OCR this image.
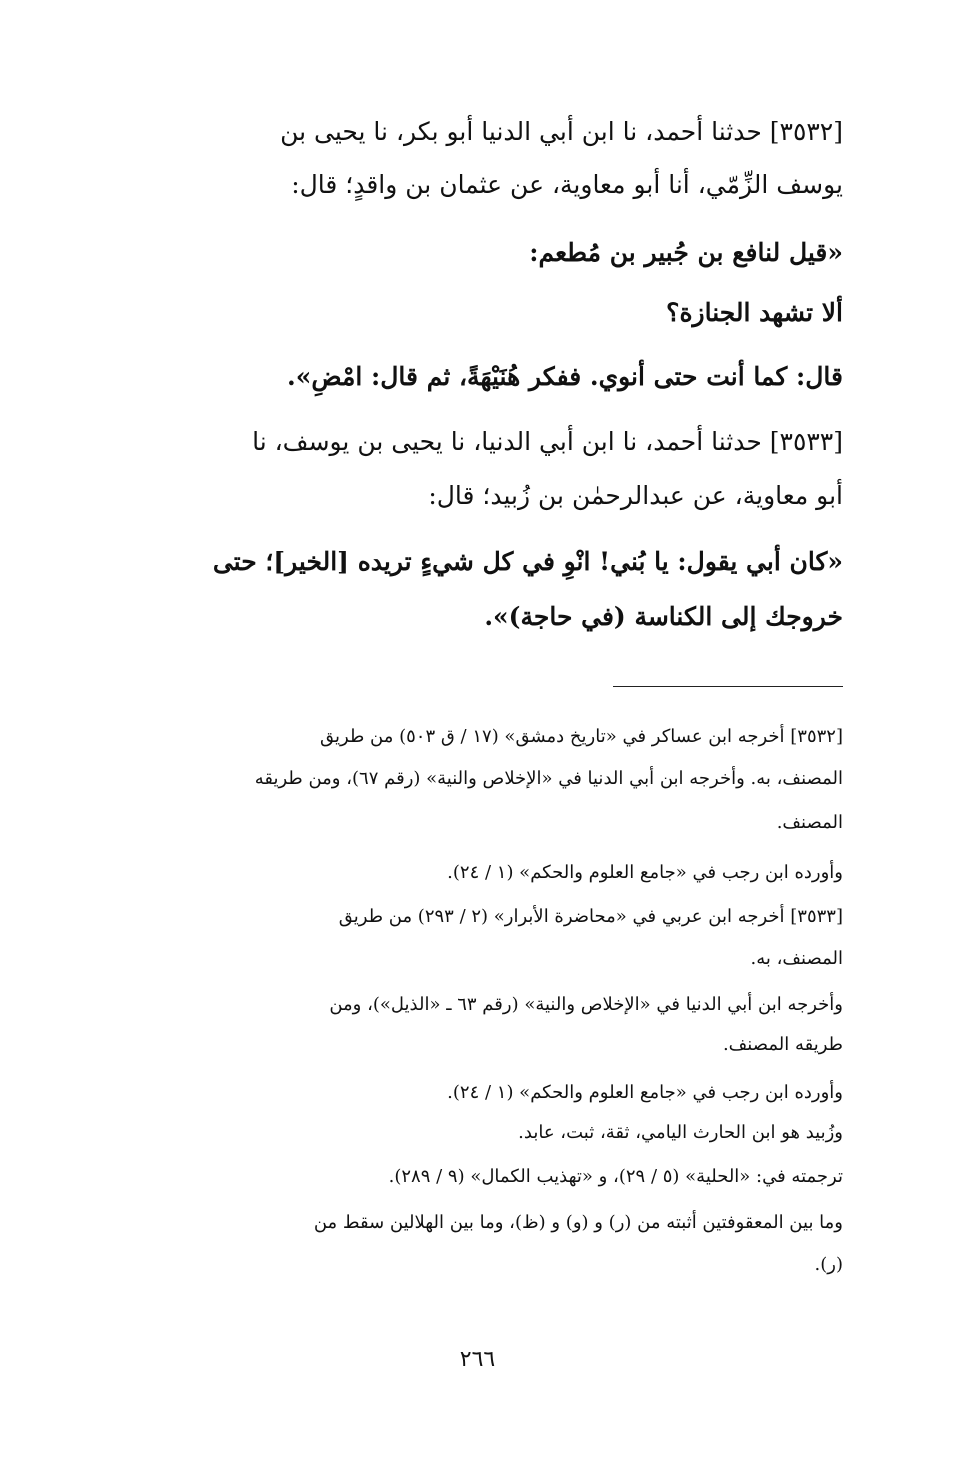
[٣٥٣٢] حدثنا أحمد، نا ابن أبي الدنيا أبو بكر، نا يحيى بن
يوسف الزِّمّي، أنا أبو معاوية، عن عثمان بن واقدٍ؛ قال:
«قيل لنافع بن جُبير بن مُطعم:
ألا تشهد الجنازة؟
قال: كما أنت حتى أنوي. ففكر هُنَيْهَةً، ثم قال: امْضِ».
[٣٥٣٣] حدثنا أحمد، نا ابن أبي الدنيا، نا يحيى بن يوسف، نا
أبو معاوية، عن عبدالرحمٰن بن زُبيد؛ قال:
«كان أبي يقول: يا بُني! انْوِ في كل شيءٍ تريده [الخير]؛ حتى
خروجك إلى الكناسة (في حاجة)».
[٣٥٣٢] أخرجه ابن عساكر في «تاريخ دمشق» (١٧ / ق ٥٠٣) من طريق
المصنف، به. وأخرجه ابن أبي الدنيا في «الإخلاص والنية» (رقم ٦٧)، ومن طريقه
المصنف.
وأورده ابن رجب في «جامع العلوم والحكم» (١ / ٢٤).
[٣٥٣٣] أخرجه ابن عربي في «محاضرة الأبرار» (٢ / ٢٩٣) من طريق
المصنف، به.
وأخرجه ابن أبي الدنيا في «الإخلاص والنية» (رقم ٦٣ ـ «الذيل»)، ومن
طريقه المصنف.
وأورده ابن رجب في «جامع العلوم والحكم» (١ / ٢٤).
وزُبيد هو ابن الحارث اليامي، ثقة، ثبت، عابد.
ترجمته في: «الحلية» (٥ / ٢٩)، و «تهذيب الكمال» (٩ / ٢٨٩).
وما بين المعقوفتين أثبته من (ر) و (و) و (ظ)، وما بين الهلالين سقط من
(ر).
٢٦٦
